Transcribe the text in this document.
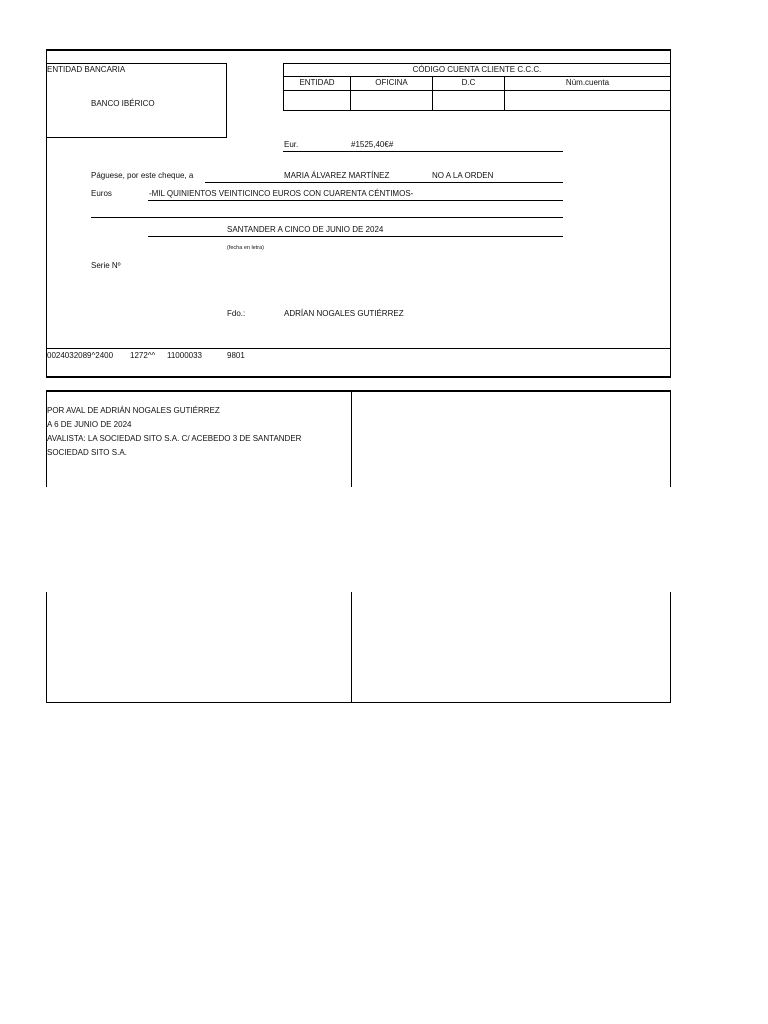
ENTIDAD BANCARIA
BANCO IBÉRICO
CÓDIGO CUENTA CLIENTE C.C.C.
ENTIDAD	OFICINA	D.C	Núm.cuenta
Eur.	#1525,40€#
Páguese, por este cheque, a	MARIA ÁLVAREZ MARTÍNEZ	NO A LA ORDEN
Euros	-MIL QUINIENTOS VEINTICINCO EUROS CON CUARENTA CÉNTIMOS-
SANTANDER A CINCO DE JUNIO DE 2024
(fecha en letra)
Serie Nº
Fdo.:	ADRÍAN NOGALES GUTIÉRREZ
0024032089^2400 1272^^ 11000033	9801
POR AVAL DE ADRIÁN NOGALES GUTIÉRREZ
A 6 DE JUNIO DE 2024
AVALISTA: LA SOCIEDAD SITO S.A. C/ ACEBEDO 3 DE SANTANDER
SOCIEDAD SITO S.A.
